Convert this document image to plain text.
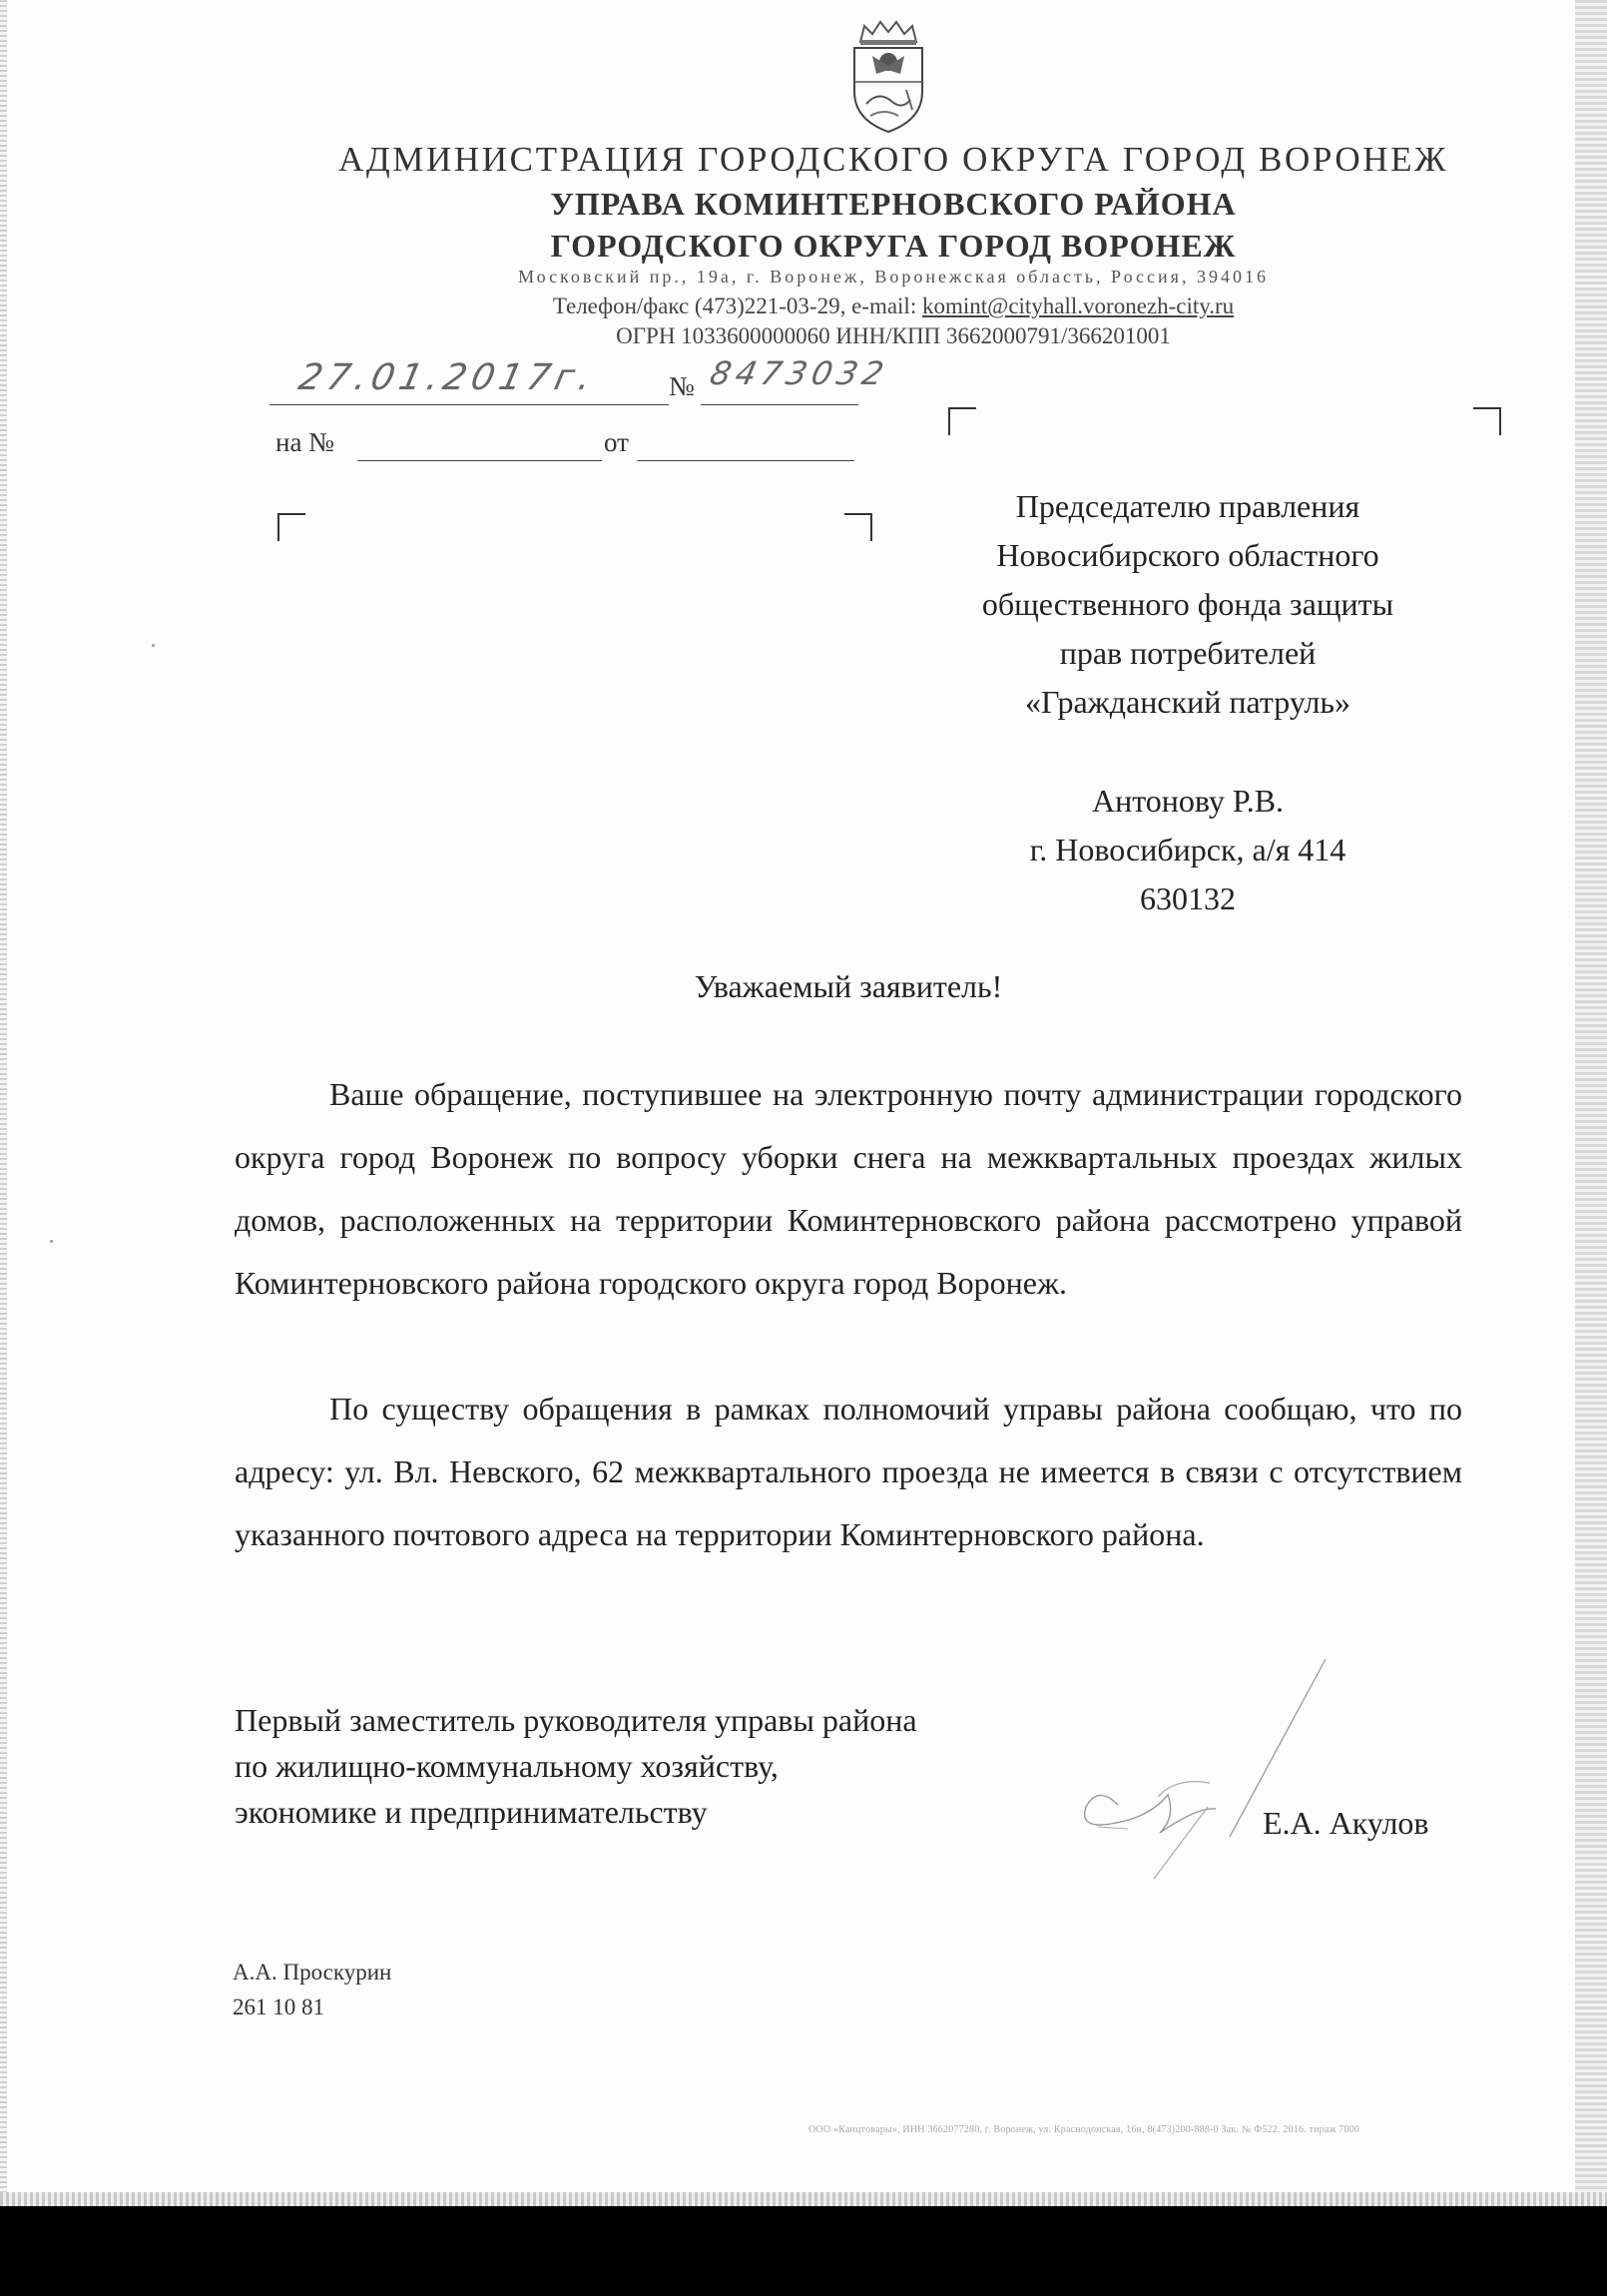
АДМИНИСТРАЦИЯ ГОРОДСКОГО ОКРУГА ГОРОД ВОРОНЕЖ
УПРАВА КОМИНТЕРНОВСКОГО РАЙОНА
ГОРОДСКОГО ОКРУГА ГОРОД ВОРОНЕЖ
Московский пр., 19а, г. Воронеж, Воронежская область, Россия, 394016
Телефон/факс (473)221-03-29, e-mail: komint@cityhall.voronezh-city.ru
ОГРН 1033600000060 ИНН/КПП 3662000791/366201001
27.01.2017г.	№ 8473032
на №	от
Председателю правления
Новосибирского областного
общественного фонда защиты
прав потребителей
«Гражданский патруль»
Антонову Р.В.
г. Новосибирск, а/я 414
630132
Уважаемый заявитель!

Ваше обращение, поступившее на электронную почту администрации городского округа город Воронеж по вопросу уборки снега на межквартальных проездах жилых домов, расположенных на территории Коминтерновского района рассмотрено управой Коминтерновского района городского округа город Воронеж.

По существу обращения в рамках полномочий управы района сообщаю, что по адресу: ул. Вл. Невского, 62 межквартального проезда не имеется в связи с отсутствием указанного почтового адреса на территории Коминтерновского района.

Первый заместитель руководителя управы района
по жилищно-коммунальному хозяйству,
экономике и предпринимательству	Е.А. Акулов
А.А. Проскурин
261 10 81
ООО «Канцтовары», ИНН 3662077280, г. Воронеж, ул. Краснодонская, 16н, 8(473)200-888-0 Зак. № Ф522. 2016. тираж 7000
